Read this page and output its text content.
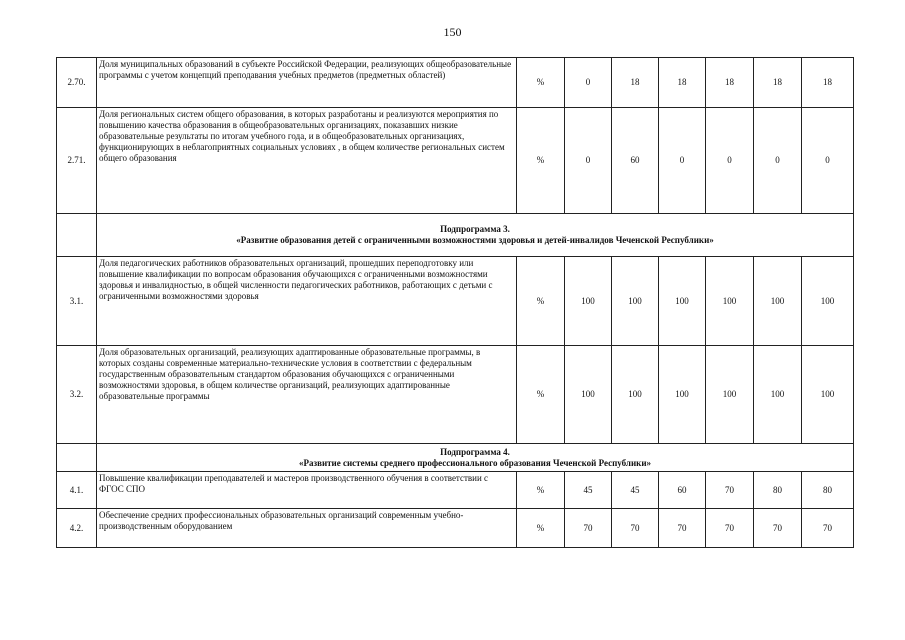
150
2.70.	Доля муниципальных образований в субъекте Российской Федерации, реализующих общеобразовательные программы с учетом концепций преподавания учебных предметов (предметных областей)	%	0	18	18	18	18	18
2.71.	Доля региональных систем общего образования, в которых разработаны и реализуются мероприятия по повышению качества образования в общеобразовательных организациях, показавших низкие образовательные результаты по итогам учебного года, и в общеобразовательных организациях, функционирующих в неблагоприятных социальных условиях , в общем количестве региональных систем общего образования	%	0	60	0	0	0	0

	Подпрограмма 3.
«Развитие образования детей с ограниченными возможностями здоровья и детей-инвалидов Чеченской Республики»							

3.1.	Доля педагогических работников образовательных организаций, прошедших переподготовку или повышение квалификации по вопросам образования обучающихся с ограниченными возможностями здоровья и инвалидностью, в общей численности педагогических работников, работающих с детьми с ограниченными возможностями здоровья	%	100	100	100	100	100	100
3.2.	Доля образовательных организаций, реализующих адаптированные образовательные программы, в которых созданы современные материально-технические условия в соответствии с федеральным государственным образовательным стандартом образования обучающихся с ограниченными возможностями здоровья, в общем количестве организаций, реализующих адаптированные образовательные программы	%	100	100	100	100	100	100

	Подпрограмма 4.
«Развитие системы среднего профессионального образования Чеченской Республики»							

4.1.	Повышение квалификации преподавателей и мастеров производственного обучения в соответствии с ФГОС СПО	%	45	45	60	70	80	80
4.2.	Обеспечение средних профессиональных образовательных организаций современным учебно-производственным оборудованием	%	70	70	70	70	70	70
